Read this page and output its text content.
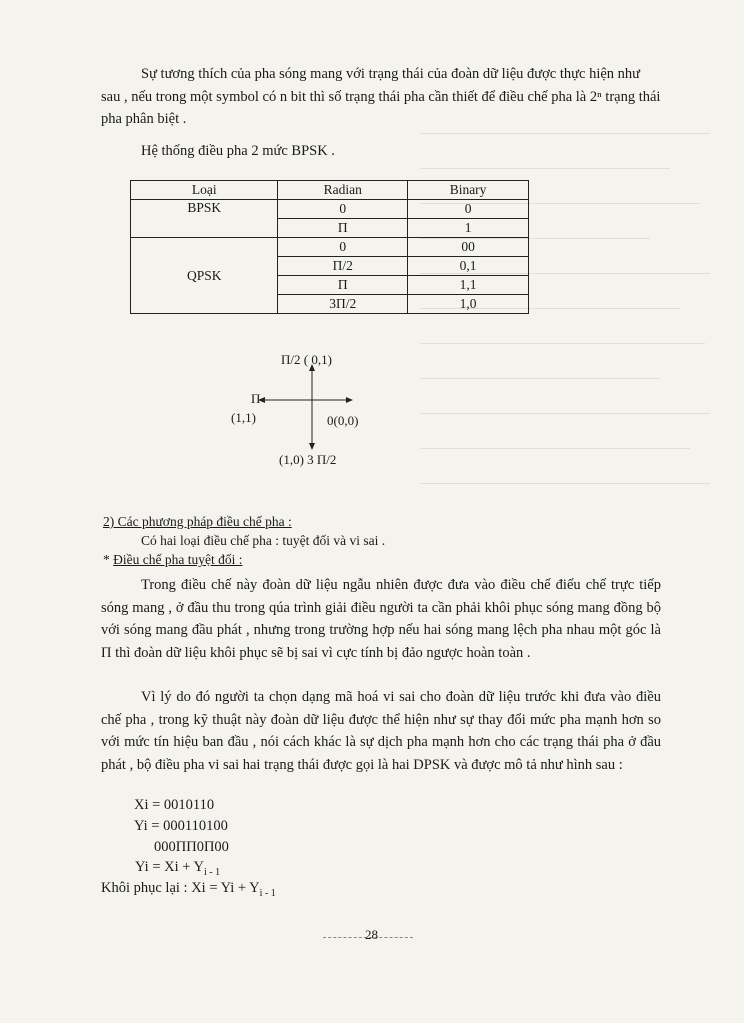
Sự tương thích của pha sóng mang với trạng thái của đoàn dữ liệu được thực hiện như sau , nếu trong một symbol có n bit thì số trạng thái pha cần thiết để điều chế pha là 2ⁿ trạng thái pha phân biệt .
Hệ thống điều pha 2 mức BPSK .
Loại	Radian	Binary
BPSK	0	0
	Π	1
QPSK	0	00
	Π/2	0,1
	Π	1,1
	3Π/2	1,0
Π/2 ( 0,1)
Π
(1,1)	0(0,0)
(1,0) 3 Π/2
2) Các phương pháp điều chế pha :
Có hai loại điều chế pha : tuyệt đối và vi sai .
* Điều chế pha tuyệt đối :
Trong điều chế này đoàn dữ liệu ngẫu nhiên được đưa vào điều chế điếu chế trực tiếp sóng mang , ở đầu thu trong qúa trình giải điều người ta cần phải khôi phục sóng mang đồng bộ với sóng mang đầu phát , nhưng trong trường hợp nếu hai sóng mang lệch pha nhau một góc là Π thì đoàn dữ liệu khôi phục sẽ bị sai vì cực tính bị đảo ngược hoàn toàn .
Vì lý do đó người ta chọn dạng mã hoá vi sai cho đoàn dữ liệu trước khi đưa vào điều chế pha , trong kỹ thuật này đoàn dữ liệu được thể hiện như sự thay đổi mức pha mạnh hơn so với mức tín hiệu ban đầu , nói cách khác là sự dịch pha mạnh hơn cho các trạng thái pha ở đầu phát , bộ điều pha vi sai hai trạng thái được gọi là hai DPSK và được mô tả như hình sau :
Xi = 0010110
Yi = 000110100
000ΠΠ0Π00
$Yi = Xi + Y_{i - 1}$
Khôi phục lại : $Xi = Yi + Y_{i - 1}$
28
